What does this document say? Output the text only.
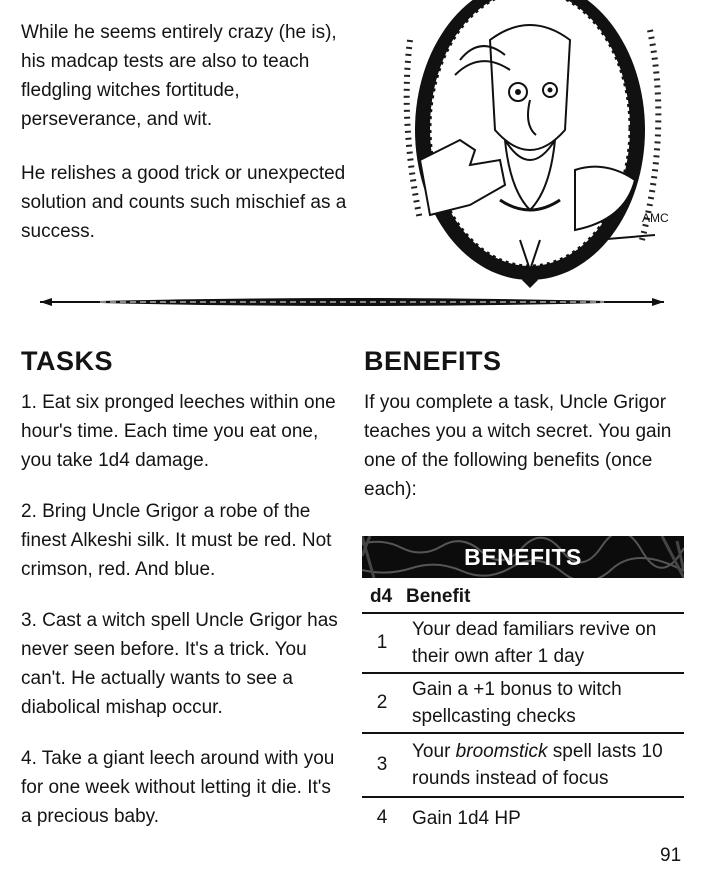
While he seems entirely crazy (he is), his madcap tests are also to teach fledgling witches fortitude, perseverance, and wit.

He relishes a good trick or unexpected solution and counts such mischief as a success.

AMC
TASKS

1. Eat six pronged leeches within one hour's time. Each time you eat one, you take 1d4 damage.

2. Bring Uncle Grigor a robe of the finest Alkeshi silk. It must be red. Not crimson, red. And blue.

3. Cast a witch spell Uncle Grigor has never seen before. It's a trick. You can't. He actually wants to see a diabolical mishap occur.

4. Take a giant leech around with you for one week without letting it die. It's a precious baby.

BENEFITS

If you complete a task, Uncle Grigor teaches you a witch secret. You gain one of the following benefits (once each):

BENEFITS
d4 Benefit
1
Your dead familiars revive on their own after 1 day
2
Gain a +1 bonus to witch spellcasting checks
3
Your broomstick spell lasts 10 rounds instead of focus
4	Gain 1d4 HP
91
